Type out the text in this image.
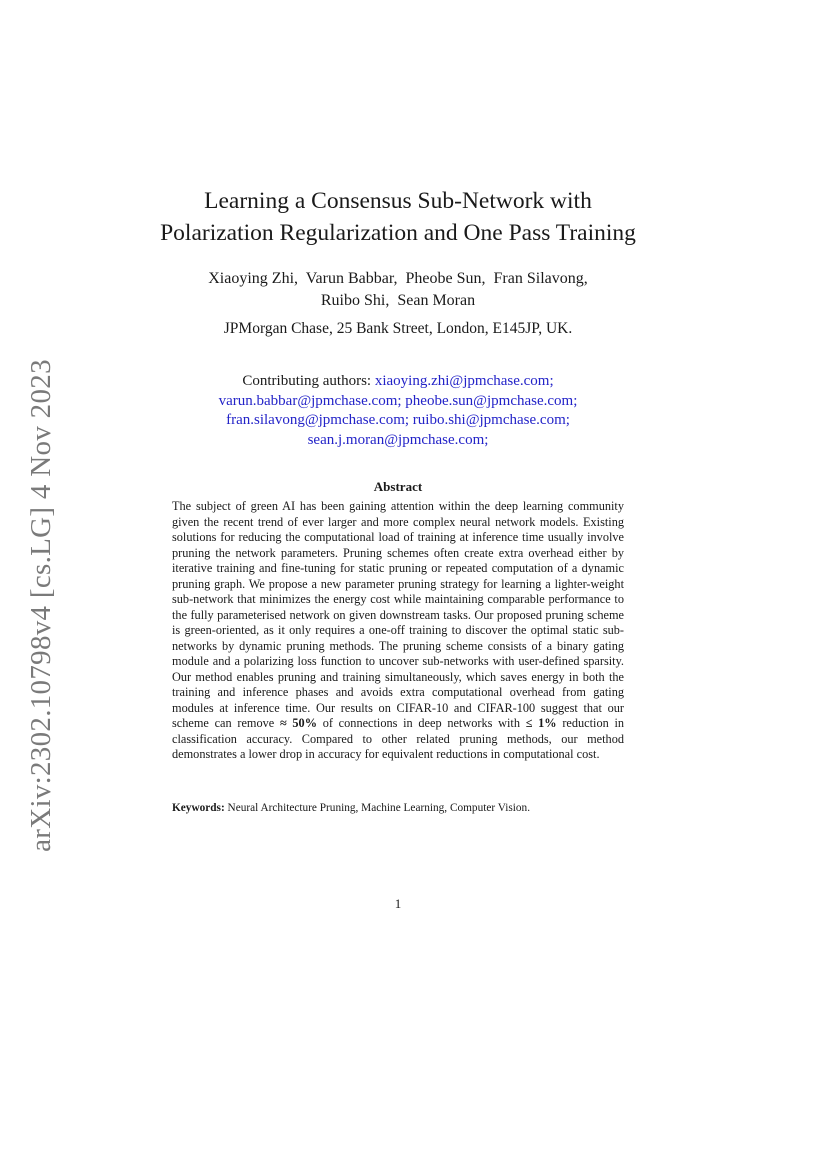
arXiv:2302.10798v4 [cs.LG] 4 Nov 2023
Learning a Consensus Sub-Network with
Polarization Regularization and One Pass Training
Xiaoying Zhi, Varun Babbar, Pheobe Sun, Fran Silavong,
Ruibo Shi, Sean Moran
JPMorgan Chase, 25 Bank Street, London, E145JP, UK.
Contributing authors: xiaoying.zhi@jpmchase.com;
varun.babbar@jpmchase.com; pheobe.sun@jpmchase.com;
fran.silavong@jpmchase.com; ruibo.shi@jpmchase.com;
sean.j.moran@jpmchase.com;
Abstract

The subject of green AI has been gaining attention within the deep learning community given the recent trend of ever larger and more complex neural network models. Existing solutions for reducing the computational load of training at inference time usually involve pruning the network parameters. Pruning schemes often create extra overhead either by iterative training and fine-tuning for static pruning or repeated computation of a dynamic pruning graph. We propose a new parameter pruning strategy for learning a lighter-weight sub-network that minimizes the energy cost while maintaining comparable performance to the fully parameterised network on given downstream tasks. Our proposed pruning scheme is green-oriented, as it only requires a one-off training to discover the optimal static sub-networks by dynamic pruning methods. The pruning scheme consists of a binary gating module and a polarizing loss function to uncover sub-networks with user-defined sparsity. Our method enables pruning and training simultaneously, which saves energy in both the training and inference phases and avoids extra computational overhead from gating modules at inference time. Our results on CIFAR-10 and CIFAR-100 suggest that our scheme can remove ≈ 50% of connections in deep networks with ≤ 1% reduction in classification accuracy. Compared to other related pruning methods, our method demonstrates a lower drop in accuracy for equivalent reductions in computational cost.

Keywords: Neural Architecture Pruning, Machine Learning, Computer Vision.
1
